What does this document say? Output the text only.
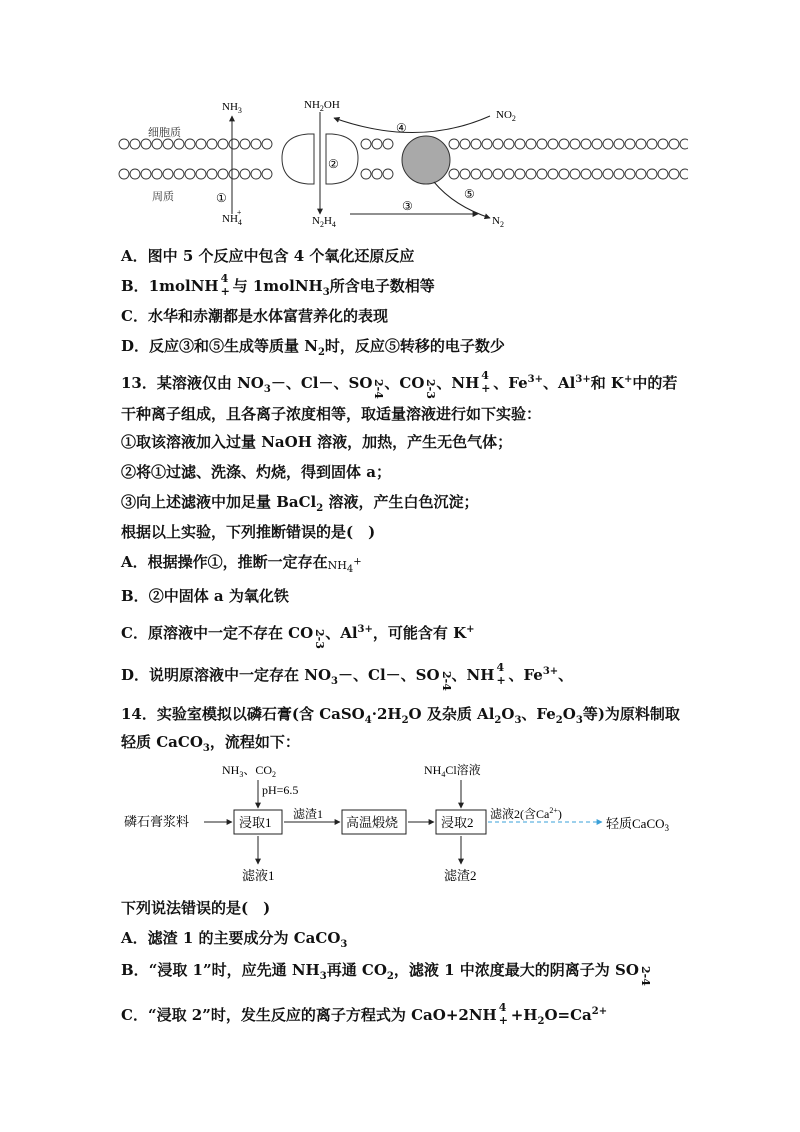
细胞质
周质
$NH_3$	$NH_2OH$
$NO_2$
$NH_4+$
$N_2H_4$	$N_2$
①
②
③
④
⑤
A．图中 5 个反应中包含 4 个氧化还原反应
B．1molNH 4
+ 与 1molNH$_3$所含电子数相等
C．水华和赤潮都是水体富营养化的表现
D．反应③和⑤生成等质量 $N_2$时，反应⑤转移的电子数少
13．某溶液仅由 $NO_3-$、Cl－、SO2-4、CO2-3、NH 4
+ 、$Fe^{3+}$、$Al^{3+}$和 K+中的若
干种离子组成，且各离子浓度相等，取适量溶液进行如下实验：
①取该溶液加入过量 NaOH 溶液，加热，产生无色气体；
②将①过滤、洗涤、灼烧，得到固体 a；
③向上述滤液中加足量 BaCl$_2$ 溶液，产生白色沉淀；
根据以上实验，下列推断错误的是(　)
A．根据操作①，推断一定存在$^{NH_4^+}$
B．②中固体 a 为氧化铁
C．原溶液中一定不存在 CO2-3、$Al^{3+}$，可能含有 K+
D．说明原溶液中一定存在 $NO_3-$、Cl－、SO2-4、NH 4
+ 、$Fe^{3+}$、
14．实验室模拟以磷石膏(含 $CaSO_4\cdot 2H_2O$ 及杂质 $Al_2O_3$、$Fe_2O_3$等)为原料制取
轻质 CaCO$_3$，流程如下：
磷石膏浆料
$NH_3$、$CO_2$
pH=6.5
浸取1
滤渣1
高温煅烧
$NH_4Cl$溶液
浸取2
滤液2(含$Ca^{2+}$)
轻质CaCO$_3$
滤液1	滤渣2
下列说法错误的是(　)
A．滤渣 1 的主要成分为 CaCO$_3$
B．“浸取 1”时，应先通 $NH_3$再通 $CO_2$，滤液 1 中浓度最大的阴离子为 SO2-4
C．“浸取 2”时，发生反应的离子方程式为 CaO+2NH 4
+ $+H_2O=Ca^{2+}$
